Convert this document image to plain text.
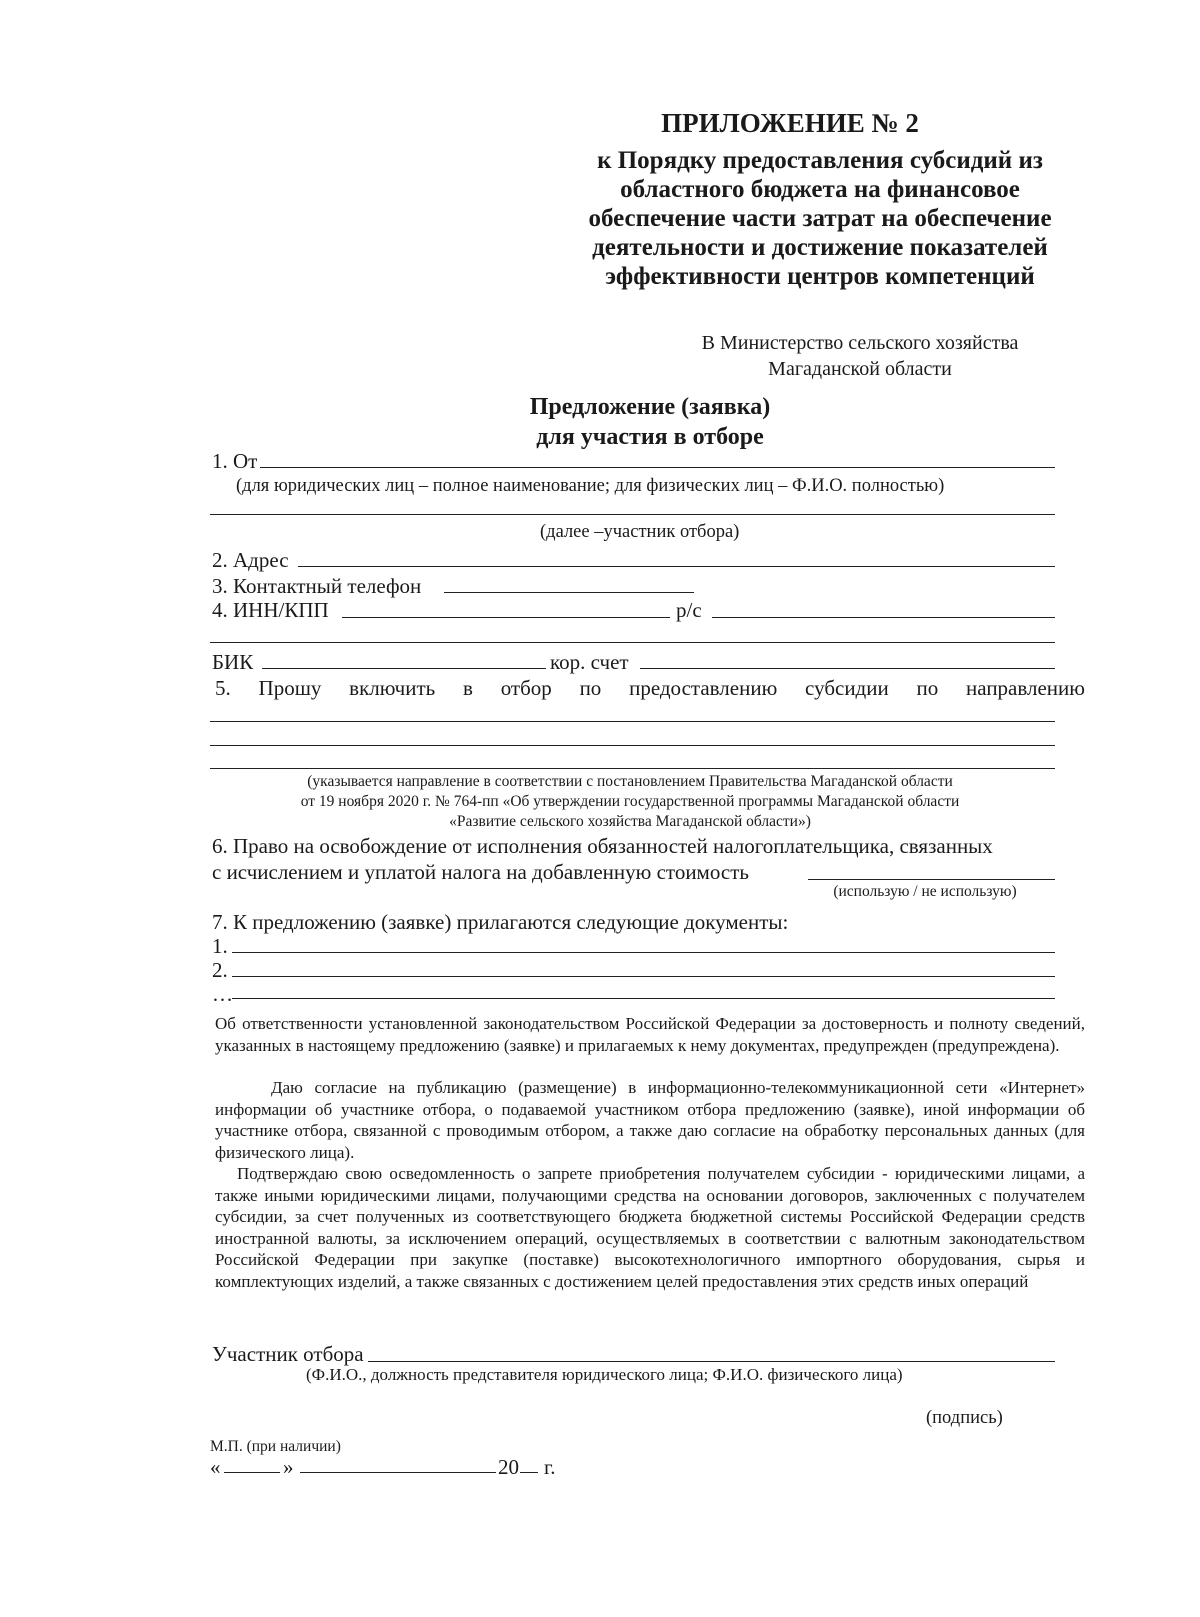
ПРИЛОЖЕНИЕ № 2
к Порядку предоставления субсидий из
областного бюджета на финансовое
обеспечение части затрат на обеспечение
деятельности и достижение показателей
эффективности центров компетенций
В Министерство сельского хозяйства
Магаданской области
Предложение (заявка)
для участия в отборе
1. От
(для юридических лиц – полное наименование; для физических лиц – Ф.И.О. полностью)
(далее –участник отбора)
2. Адрес
3. Контактный телефон
4. ИНН/КПП	р/с
БИК	кор. счет
5. Прошу включить в отбор по предоставлению субсидии по направлению
(указывается направление в соответствии с постановлением Правительства Магаданской области
от 19 ноября 2020 г. № 764-пп «Об утверждении государственной программы Магаданской области
«Развитие сельского хозяйства Магаданской области»)
6. Право на освобождение от исполнения обязанностей налогоплательщика, связанных
с исчислением и уплатой налога на добавленную стоимость
(использую / не использую)
7. К предложению (заявке) прилагаются следующие документы:
1.
2.
…
Об ответственности установленной законодательством Российской Федерации за достоверность и полноту сведений, указанных в настоящему предложению (заявке) и прилагаемых к нему документах, предупрежден (предупреждена).
Даю согласие на публикацию (размещение) в информационно-телекоммуникационной сети «Интернет» информации об участнике отбора, о подаваемой участником отбора предложению (заявке), иной информации об участнике отбора, связанной с проводимым отбором, а также даю согласие на обработку персональных данных (для физического лица).
Подтверждаю свою осведомленность о запрете приобретения получателем субсидии - юридическими лицами, а также иными юридическими лицами, получающими средства на основании договоров, заключенных с получателем субсидии, за счет полученных из соответствующего бюджета бюджетной системы Российской Федерации средств иностранной валюты, за исключением операций, осуществляемых в соответствии с валютным законодательством Российской Федерации при закупке (поставке) высокотехнологичного импортного оборудования, сырья и комплектующих изделий, а также связанных с достижением целей предоставления этих средств иных операций
Участник отбора
(Ф.И.О., должность представителя юридического лица; Ф.И.О. физического лица)
(подпись)
М.П. (при наличии)
«	»	20 г.
